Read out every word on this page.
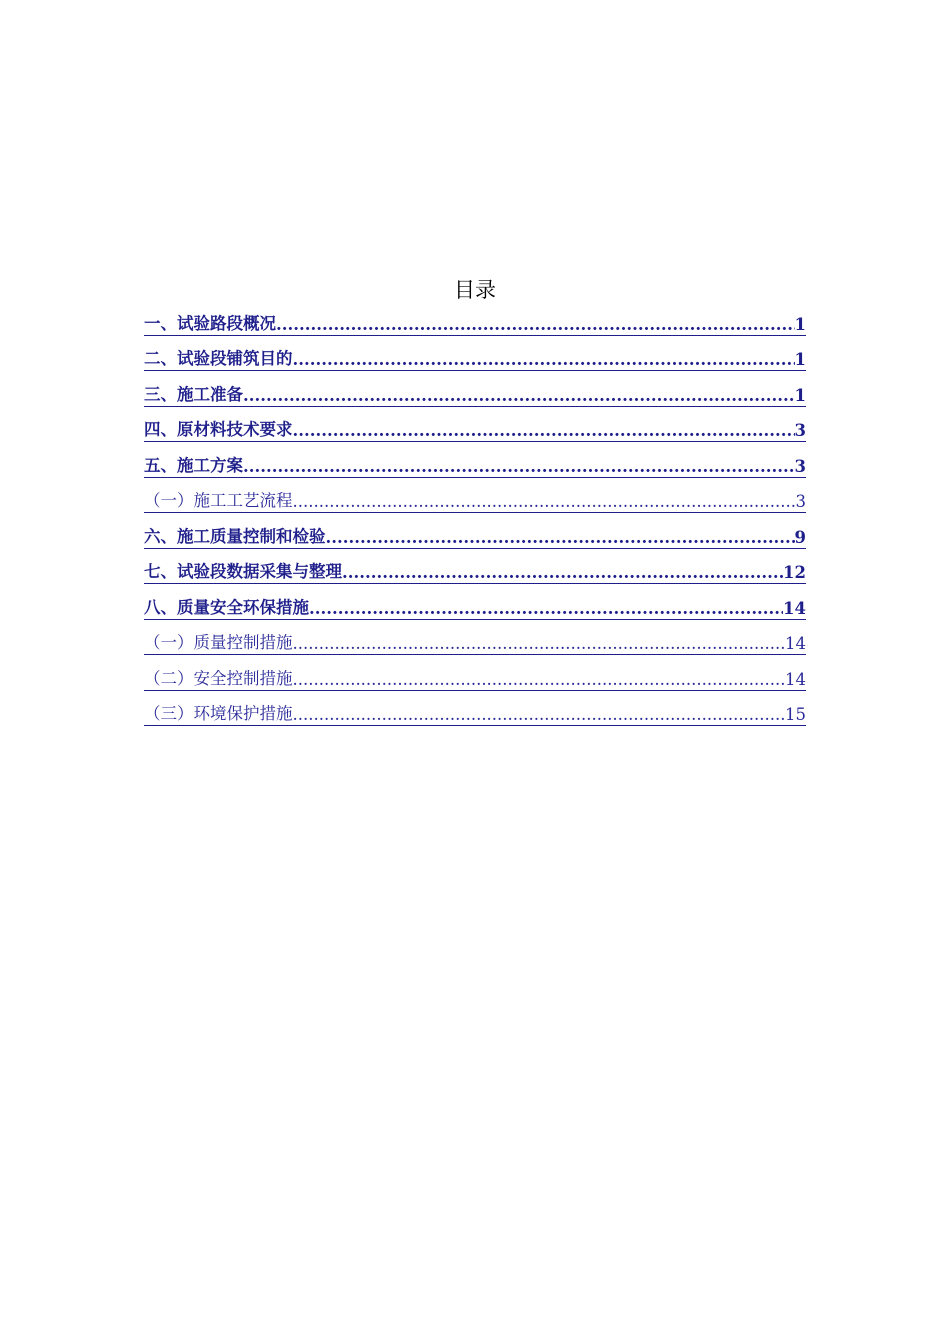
目录
一、试验路段概况 .....	1
二、试验段铺筑目的 .....	1
三、施工准备 .....	1
四、原材料技术要求 .....	3
五、施工方案 .....	3
（一）施工工艺流程 .....	3
六、施工质量控制和检验 .....	9
七、试验段数据采集与整理 .....	12
八、质量安全环保措施 .....	14
（一）质量控制措施 .....	14
（二）安全控制措施 .....	14
（三）环境保护措施 .....	15
